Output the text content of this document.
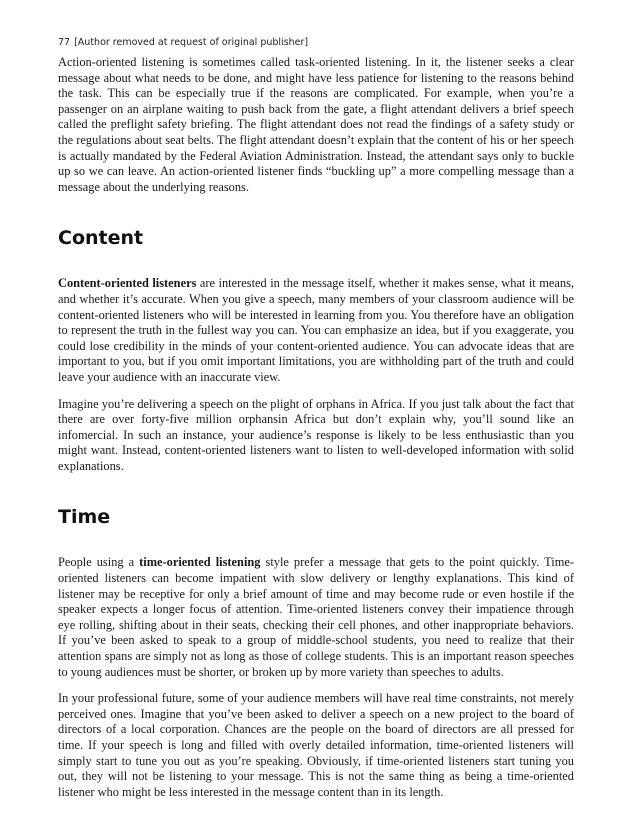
77 [Author removed at request of original publisher]

Action-oriented listening is sometimes called task-oriented listening. In it, the listener seeks a clear message about what needs to be done, and might have less patience for listening to the reasons behind the task. This can be especially true if the reasons are complicated. For example, when you’re a passenger on an airplane waiting to push back from the gate, a flight attendant delivers a brief speech called the preflight safety briefing. The flight attendant does not read the findings of a safety study or the regulations about seat belts. The flight attendant doesn’t explain that the content of his or her speech is actually mandated by the Federal Aviation Administration. Instead, the attendant says only to buckle up so we can leave. An action-oriented listener finds “buckling up” a more compelling message than a message about the underlying reasons.

Content

Content-oriented listeners are interested in the message itself, whether it makes sense, what it means, and whether it’s accurate. When you give a speech, many members of your classroom audience will be content-oriented listeners who will be interested in learning from you. You therefore have an obligation to represent the truth in the fullest way you can. You can emphasize an idea, but if you exaggerate, you could lose credibility in the minds of your content-oriented audience. You can advocate ideas that are important to you, but if you omit important limitations, you are withholding part of the truth and could leave your audience with an inaccurate view.

Imagine you’re delivering a speech on the plight of orphans in Africa. If you just talk about the fact that there are over forty-five million orphansin Africa but don’t explain why, you’ll sound like an infomercial. In such an instance, your audience’s response is likely to be less enthusiastic than you might want. Instead, content-oriented listeners want to listen to well-developed information with solid explanations.

Time

People using a time-oriented listening style prefer a message that gets to the point quickly. Time-oriented listeners can become impatient with slow delivery or lengthy explanations. This kind of listener may be receptive for only a brief amount of time and may become rude or even hostile if the speaker expects a longer focus of attention. Time-oriented listeners convey their impatience through eye rolling, shifting about in their seats, checking their cell phones, and other inappropriate behaviors. If you’ve been asked to speak to a group of middle-school students, you need to realize that their attention spans are simply not as long as those of college students. This is an important reason speeches to young audiences must be shorter, or broken up by more variety than speeches to adults.

In your professional future, some of your audience members will have real time constraints, not merely perceived ones. Imagine that you’ve been asked to deliver a speech on a new project to the board of directors of a local corporation. Chances are the people on the board of directors are all pressed for time. If your speech is long and filled with overly detailed information, time-oriented listeners will simply start to tune you out as you’re speaking. Obviously, if time-oriented listeners start tuning you out, they will not be listening to your message. This is not the same thing as being a time-oriented listener who might be less interested in the message content than in its length.
